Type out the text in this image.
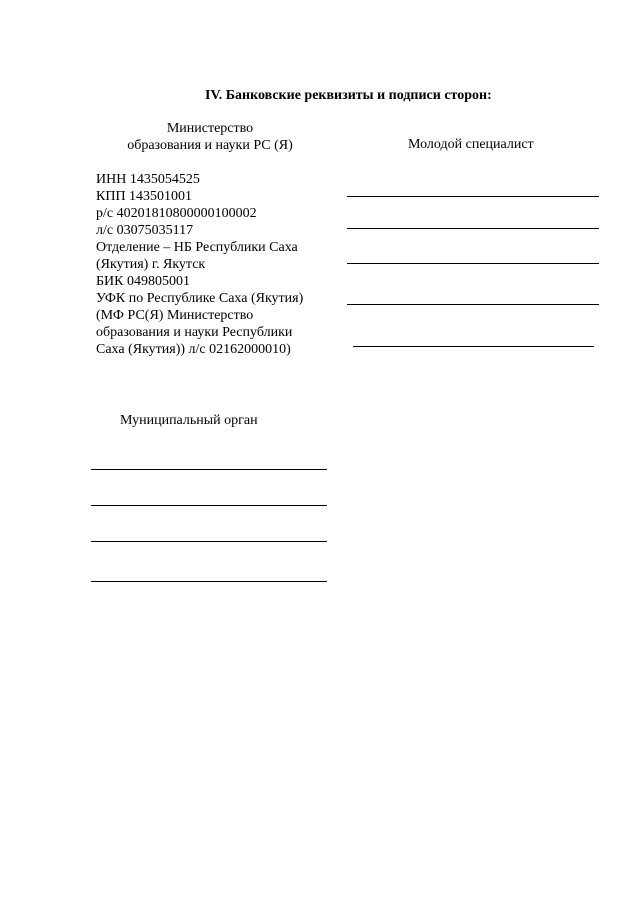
IV. Банковские реквизиты и подписи сторон:
Министерство
образования и науки РС (Я)	Молодой специалист
ИНН 1435054525
КПП 143501001
р/с 40201810800000100002
л/с 03075035117
Отделение – НБ Республики Саха
(Якутия) г. Якутск
БИК 049805001
УФК по Республике Саха (Якутия)
(МФ РС(Я) Министерство
образования и науки Республики
Саха (Якутия)) л/с 02162000010)
Муниципальный орган
